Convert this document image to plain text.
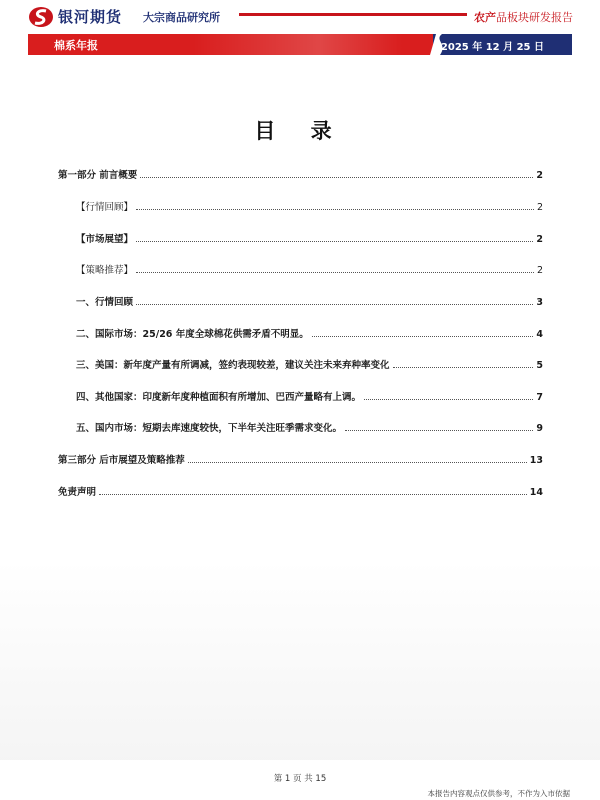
银河期货 大宗商品研究所	农产品板块研发报告
棉系年报	2025 年 12 月 25 日
目 录
第一部分 前言概要	2
【行情回顾】	2
【市场展望】	2
【策略推荐】	2
一、行情回顾	3
二、国际市场：25/26 年度全球棉花供需矛盾不明显。	4
三、美国：新年度产量有所调减，签约表现较差，建议关注未来弃种率变化	5
四、其他国家：印度新年度种植面积有所增加、巴西产量略有上调。	7
五、国内市场：短期去库速度较快，下半年关注旺季需求变化。	9
第三部分 后市展望及策略推荐	13
免责声明	14
第 1 页 共 15
本报告内容观点仅供参考，不作为入市依据
